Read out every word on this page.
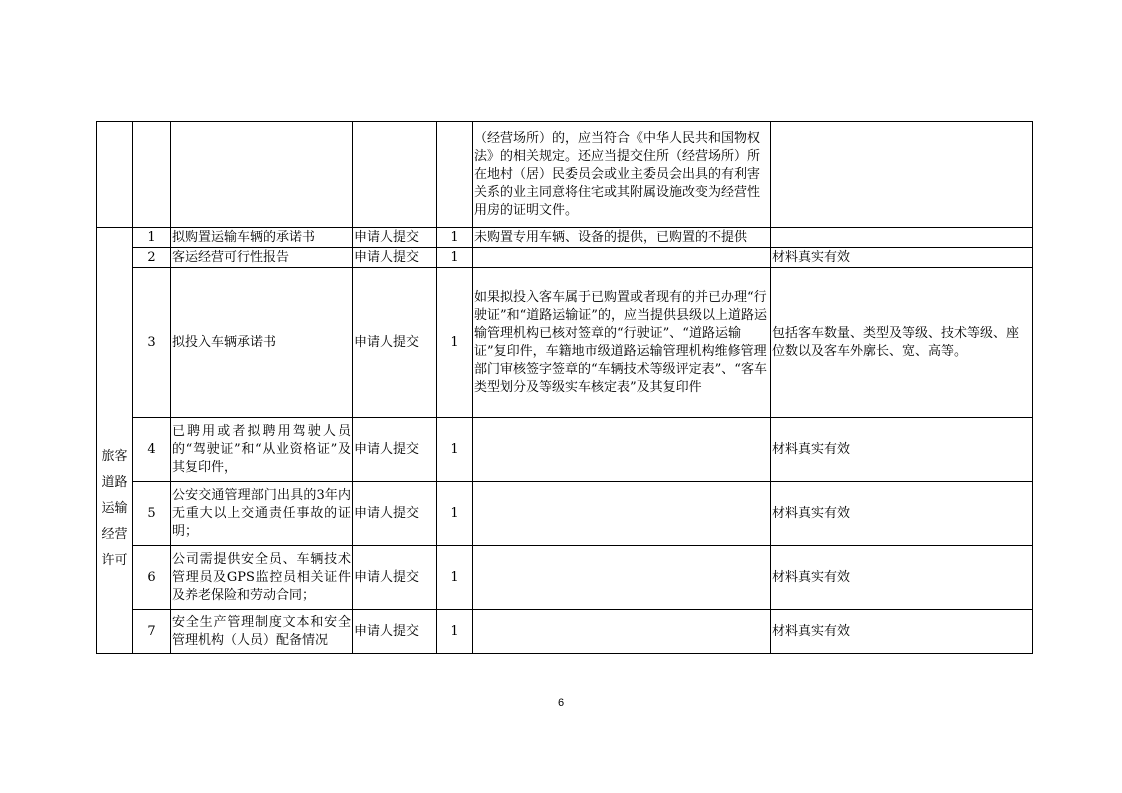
					（经营场所）的，应当符合《中华人民共和国物权法》的相关规定。还应当提交住所（经营场所）所在地村（居）民委员会或业主委员会出具的有利害关系的业主同意将住宅或其附属设施改变为经营性用房的证明文件。	

旅客
道路
运输
经营
许可	1	拟购置运输车辆的承诺书	申请人提交	1	未购置专用车辆、设备的提供，已购置的不提供	
	2	客运经营可行性报告	申请人提交	1		材料真实有效
	3	拟投入车辆承诺书	申请人提交	1	如果拟投入客车属于已购置或者现有的并已办理“行驶证”和“道路运输证”的，应当提供县级以上道路运输管理机构已核对签章的“行驶证”、“道路运输证”复印件，车籍地市级道路运输管理机构维修管理部门审核签字签章的“车辆技术等级评定表”、“客车类型划分及等级实车核定表”及其复印件	包括客车数量、类型及等级、技术等级、座位数以及客车外廓长、宽、高等。
	4	已聘用或者拟聘用驾驶人员的“驾驶证”和“从业资格证”及其复印件，	申请人提交	1		材料真实有效
	5	公安交通管理部门出具的3年内无重大以上交通责任事故的证明；	申请人提交	1		材料真实有效
	6	公司需提供安全员、车辆技术管理员及GPS监控员相关证件及养老保险和劳动合同；	申请人提交	1		材料真实有效
	7	安全生产管理制度文本和安全管理机构（人员）配备情况	申请人提交	1		材料真实有效
6
